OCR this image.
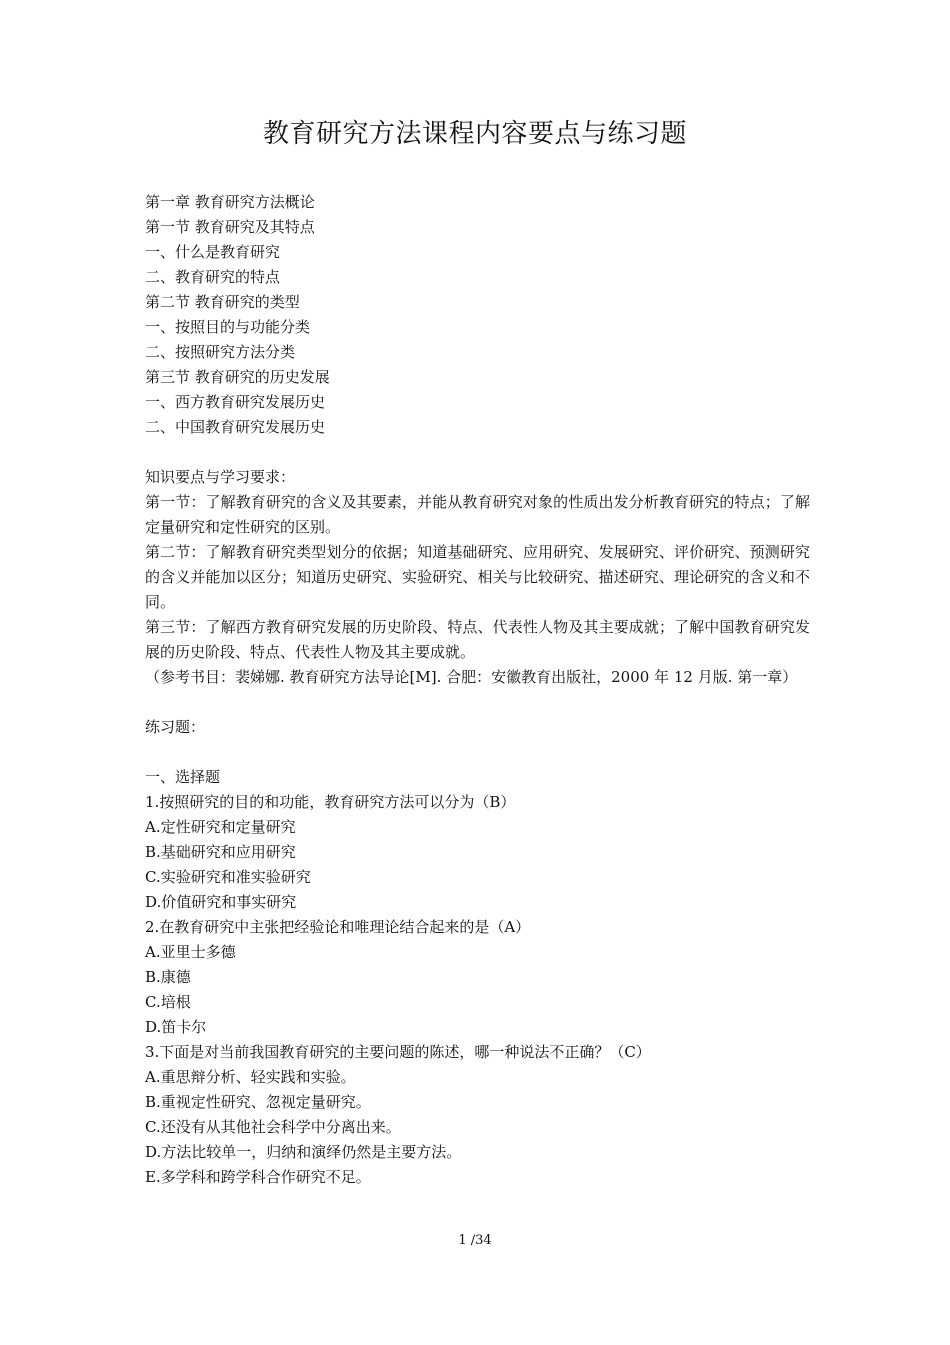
教育研究方法课程内容要点与练习题
第一章 教育研究方法概论
第一节 教育研究及其特点
一、什么是教育研究
二、教育研究的特点
第二节 教育研究的类型
一、按照目的与功能分类
二、按照研究方法分类
第三节 教育研究的历史发展
一、西方教育研究发展历史
二、中国教育研究发展历史
知识要点与学习要求：
第一节：了解教育研究的含义及其要素，并能从教育研究对象的性质出发分析教育研究的特点；了解定量研究和定性研究的区别。
第二节：了解教育研究类型划分的依据；知道基础研究、应用研究、发展研究、评价研究、预测研究的含义并能加以区分；知道历史研究、实验研究、相关与比较研究、描述研究、理论研究的含义和不同。
第三节：了解西方教育研究发展的历史阶段、特点、代表性人物及其主要成就；了解中国教育研究发展的历史阶段、特点、代表性人物及其主要成就。
（参考书目：裴娣娜. 教育研究方法导论[M]. 合肥：安徽教育出版社，2000 年 12 月版. 第一章）
练习题：
一、选择题
1.按照研究的目的和功能，教育研究方法可以分为（B）
A.定性研究和定量研究
B.基础研究和应用研究
C.实验研究和准实验研究
D.价值研究和事实研究
2.在教育研究中主张把经验论和唯理论结合起来的是（A）
A.亚里士多德
B.康德
C.培根
D.笛卡尔
3.下面是对当前我国教育研究的主要问题的陈述，哪一种说法不正确？（C）
A.重思辩分析、轻实践和实验。
B.重视定性研究、忽视定量研究。
C.还没有从其他社会科学中分离出来。
D.方法比较单一，归纳和演绎仍然是主要方法。
E.多学科和跨学科合作研究不足。
1 /34
